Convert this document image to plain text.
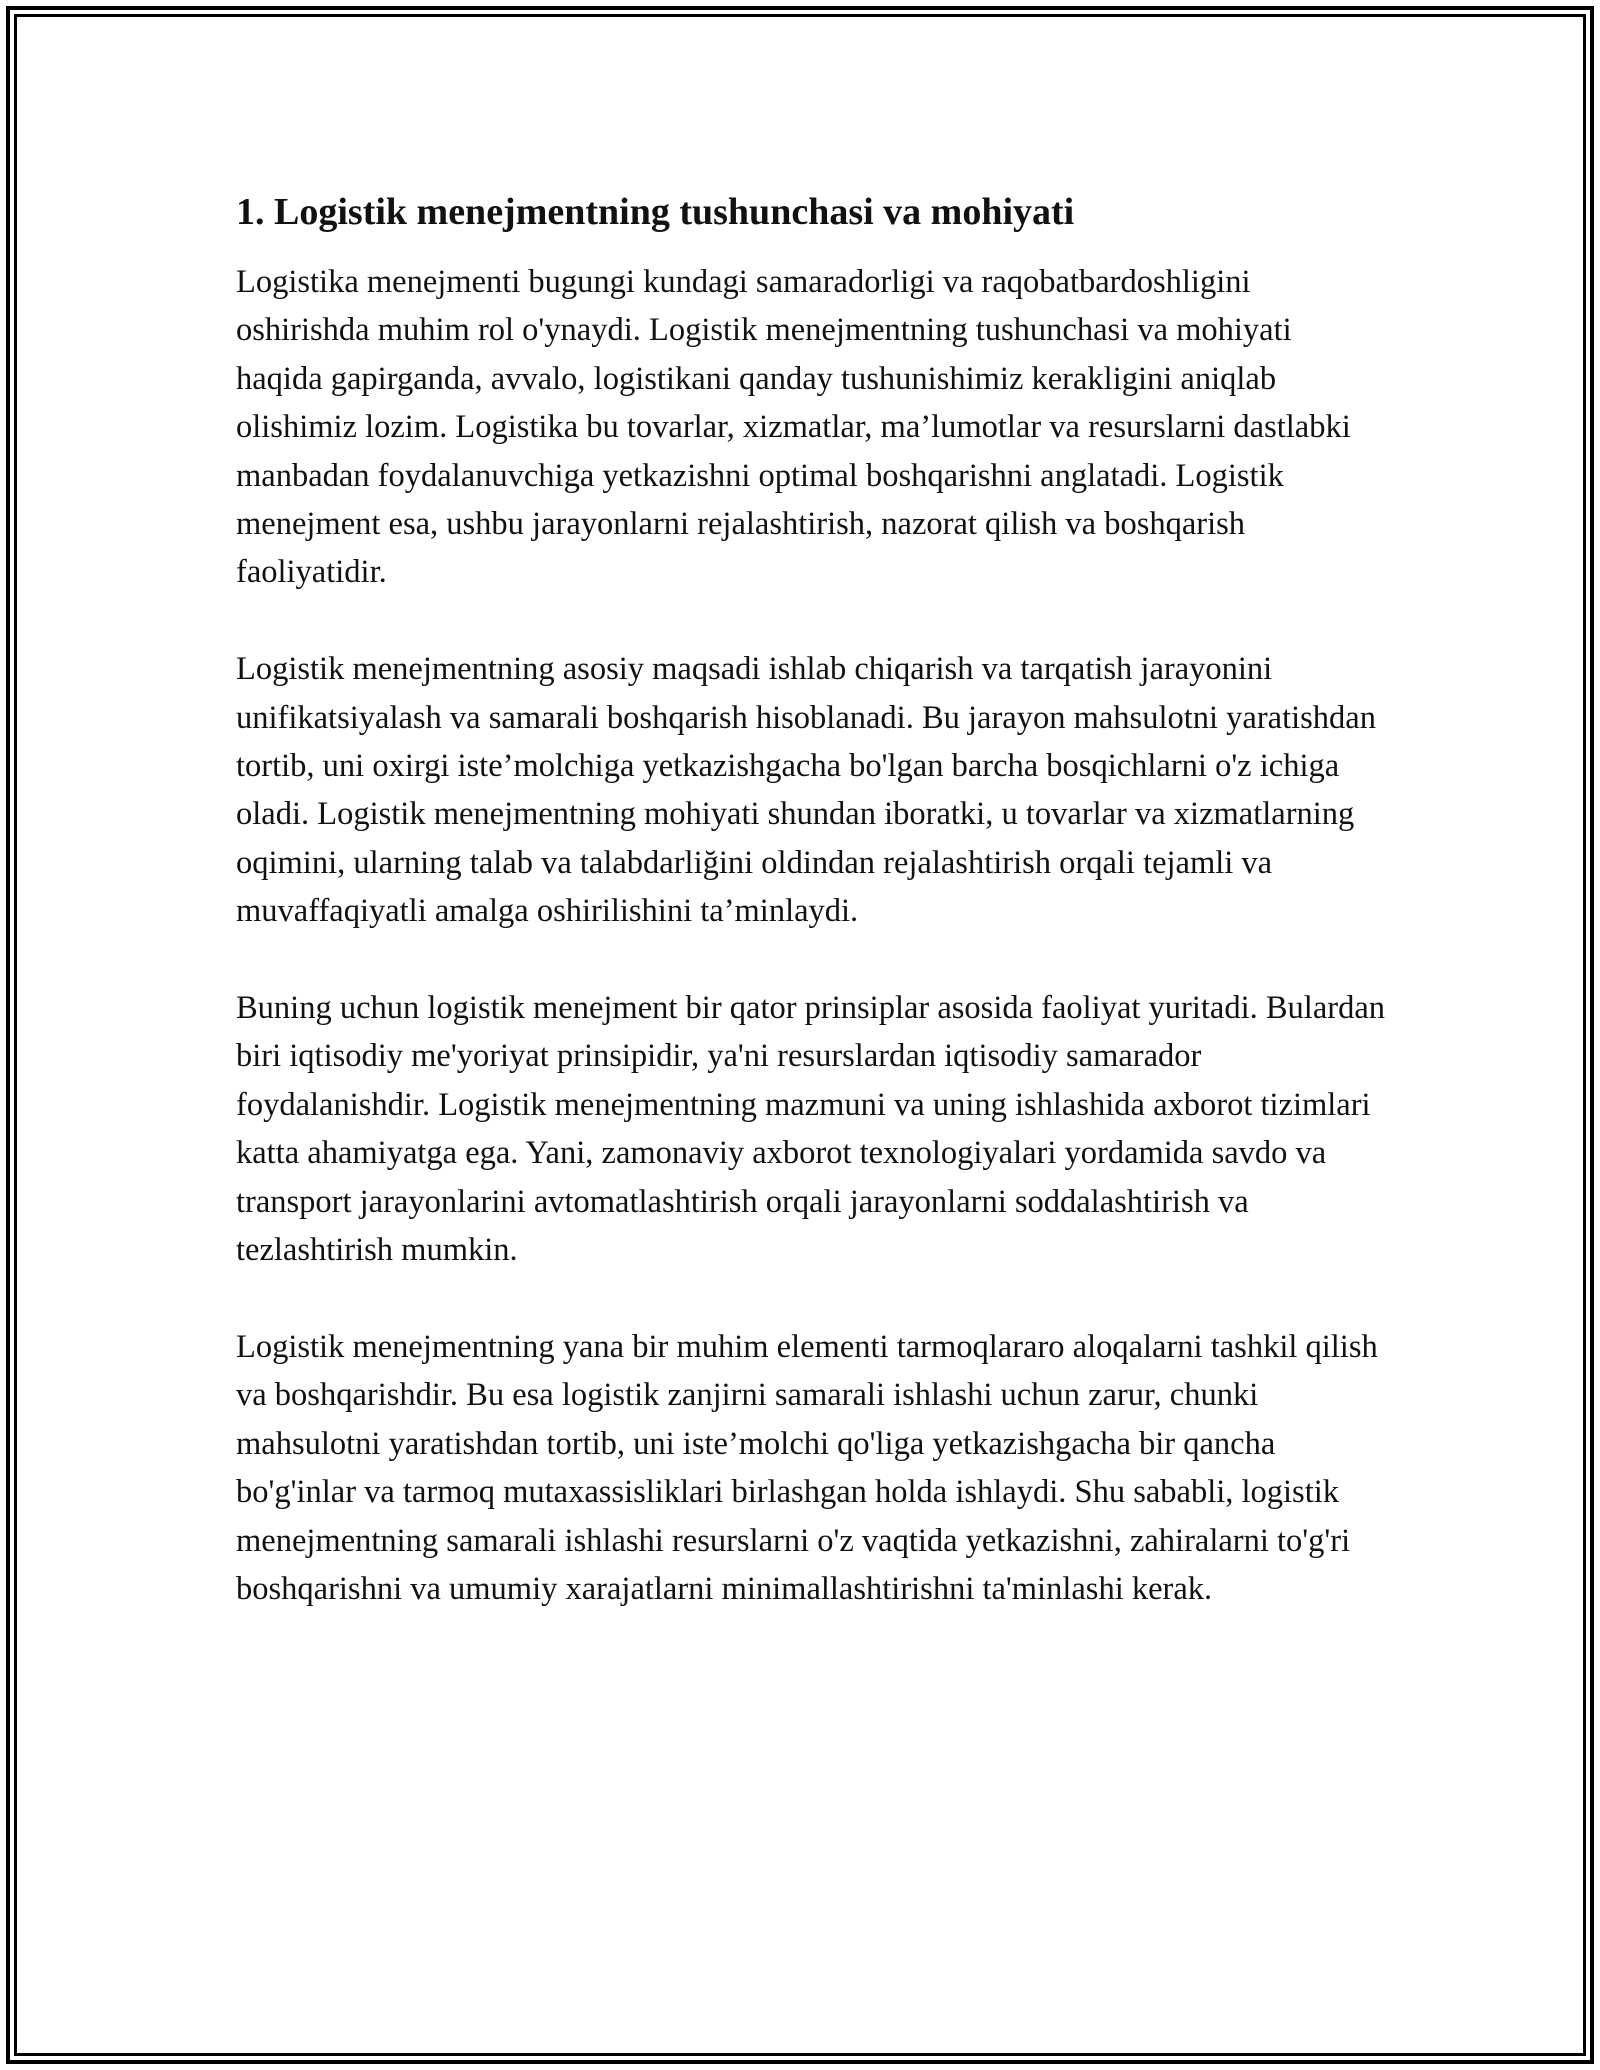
1. Logistik menejmentning tushunchasi va mohiyati

Logistika menejmenti bugungi kundagi samaradorligi va raqobatbardoshligini oshirishda muhim rol o'ynaydi. Logistik menejmentning tushunchasi va mohiyati haqida gapirganda, avvalo, logistikani qanday tushunishimiz kerakligini aniqlab olishimiz lozim. Logistika bu tovarlar, xizmatlar, ma’lumotlar va resurslarni dastlabki manbadan foydalanuvchiga yetkazishni optimal boshqarishni anglatadi. Logistik menejment esa, ushbu jarayonlarni rejalashtirish, nazorat qilish va boshqarish faoliyatidir.

Logistik menejmentning asosiy maqsadi ishlab chiqarish va tarqatish jarayonini unifikatsiyalash va samarali boshqarish hisoblanadi. Bu jarayon mahsulotni yaratishdan tortib, uni oxirgi iste’molchiga yetkazishgacha bo'lgan barcha bosqichlarni o'z ichiga oladi. Logistik menejmentning mohiyati shundan iboratki, u tovarlar va xizmatlarning oqimini, ularning talab va talabdarliğini oldindan rejalashtirish orqali tejamli va muvaffaqiyatli amalga oshirilishini ta’minlaydi.

Buning uchun logistik menejment bir qator prinsiplar asosida faoliyat yuritadi. Bulardan biri iqtisodiy me'yoriyat prinsipidir, ya'ni resurslardan iqtisodiy samarador foydalanishdir. Logistik menejmentning mazmuni va uning ishlashida axborot tizimlari katta ahamiyatga ega. Yani, zamonaviy axborot texnologiyalari yordamida savdo va transport jarayonlarini avtomatlashtirish orqali jarayonlarni soddalashtirish va tezlashtirish mumkin.

Logistik menejmentning yana bir muhim elementi tarmoqlararo aloqalarni tashkil qilish va boshqarishdir. Bu esa logistik zanjirni samarali ishlashi uchun zarur, chunki mahsulotni yaratishdan tortib, uni iste’molchi qo'liga yetkazishgacha bir qancha bo'g'inlar va tarmoq mutaxassisliklari birlashgan holda ishlaydi. Shu sababli, logistik menejmentning samarali ishlashi resurslarni o'z vaqtida yetkazishni, zahiralarni to'g'ri boshqarishni va umumiy xarajatlarni minimallashtirishni ta'minlashi kerak.
